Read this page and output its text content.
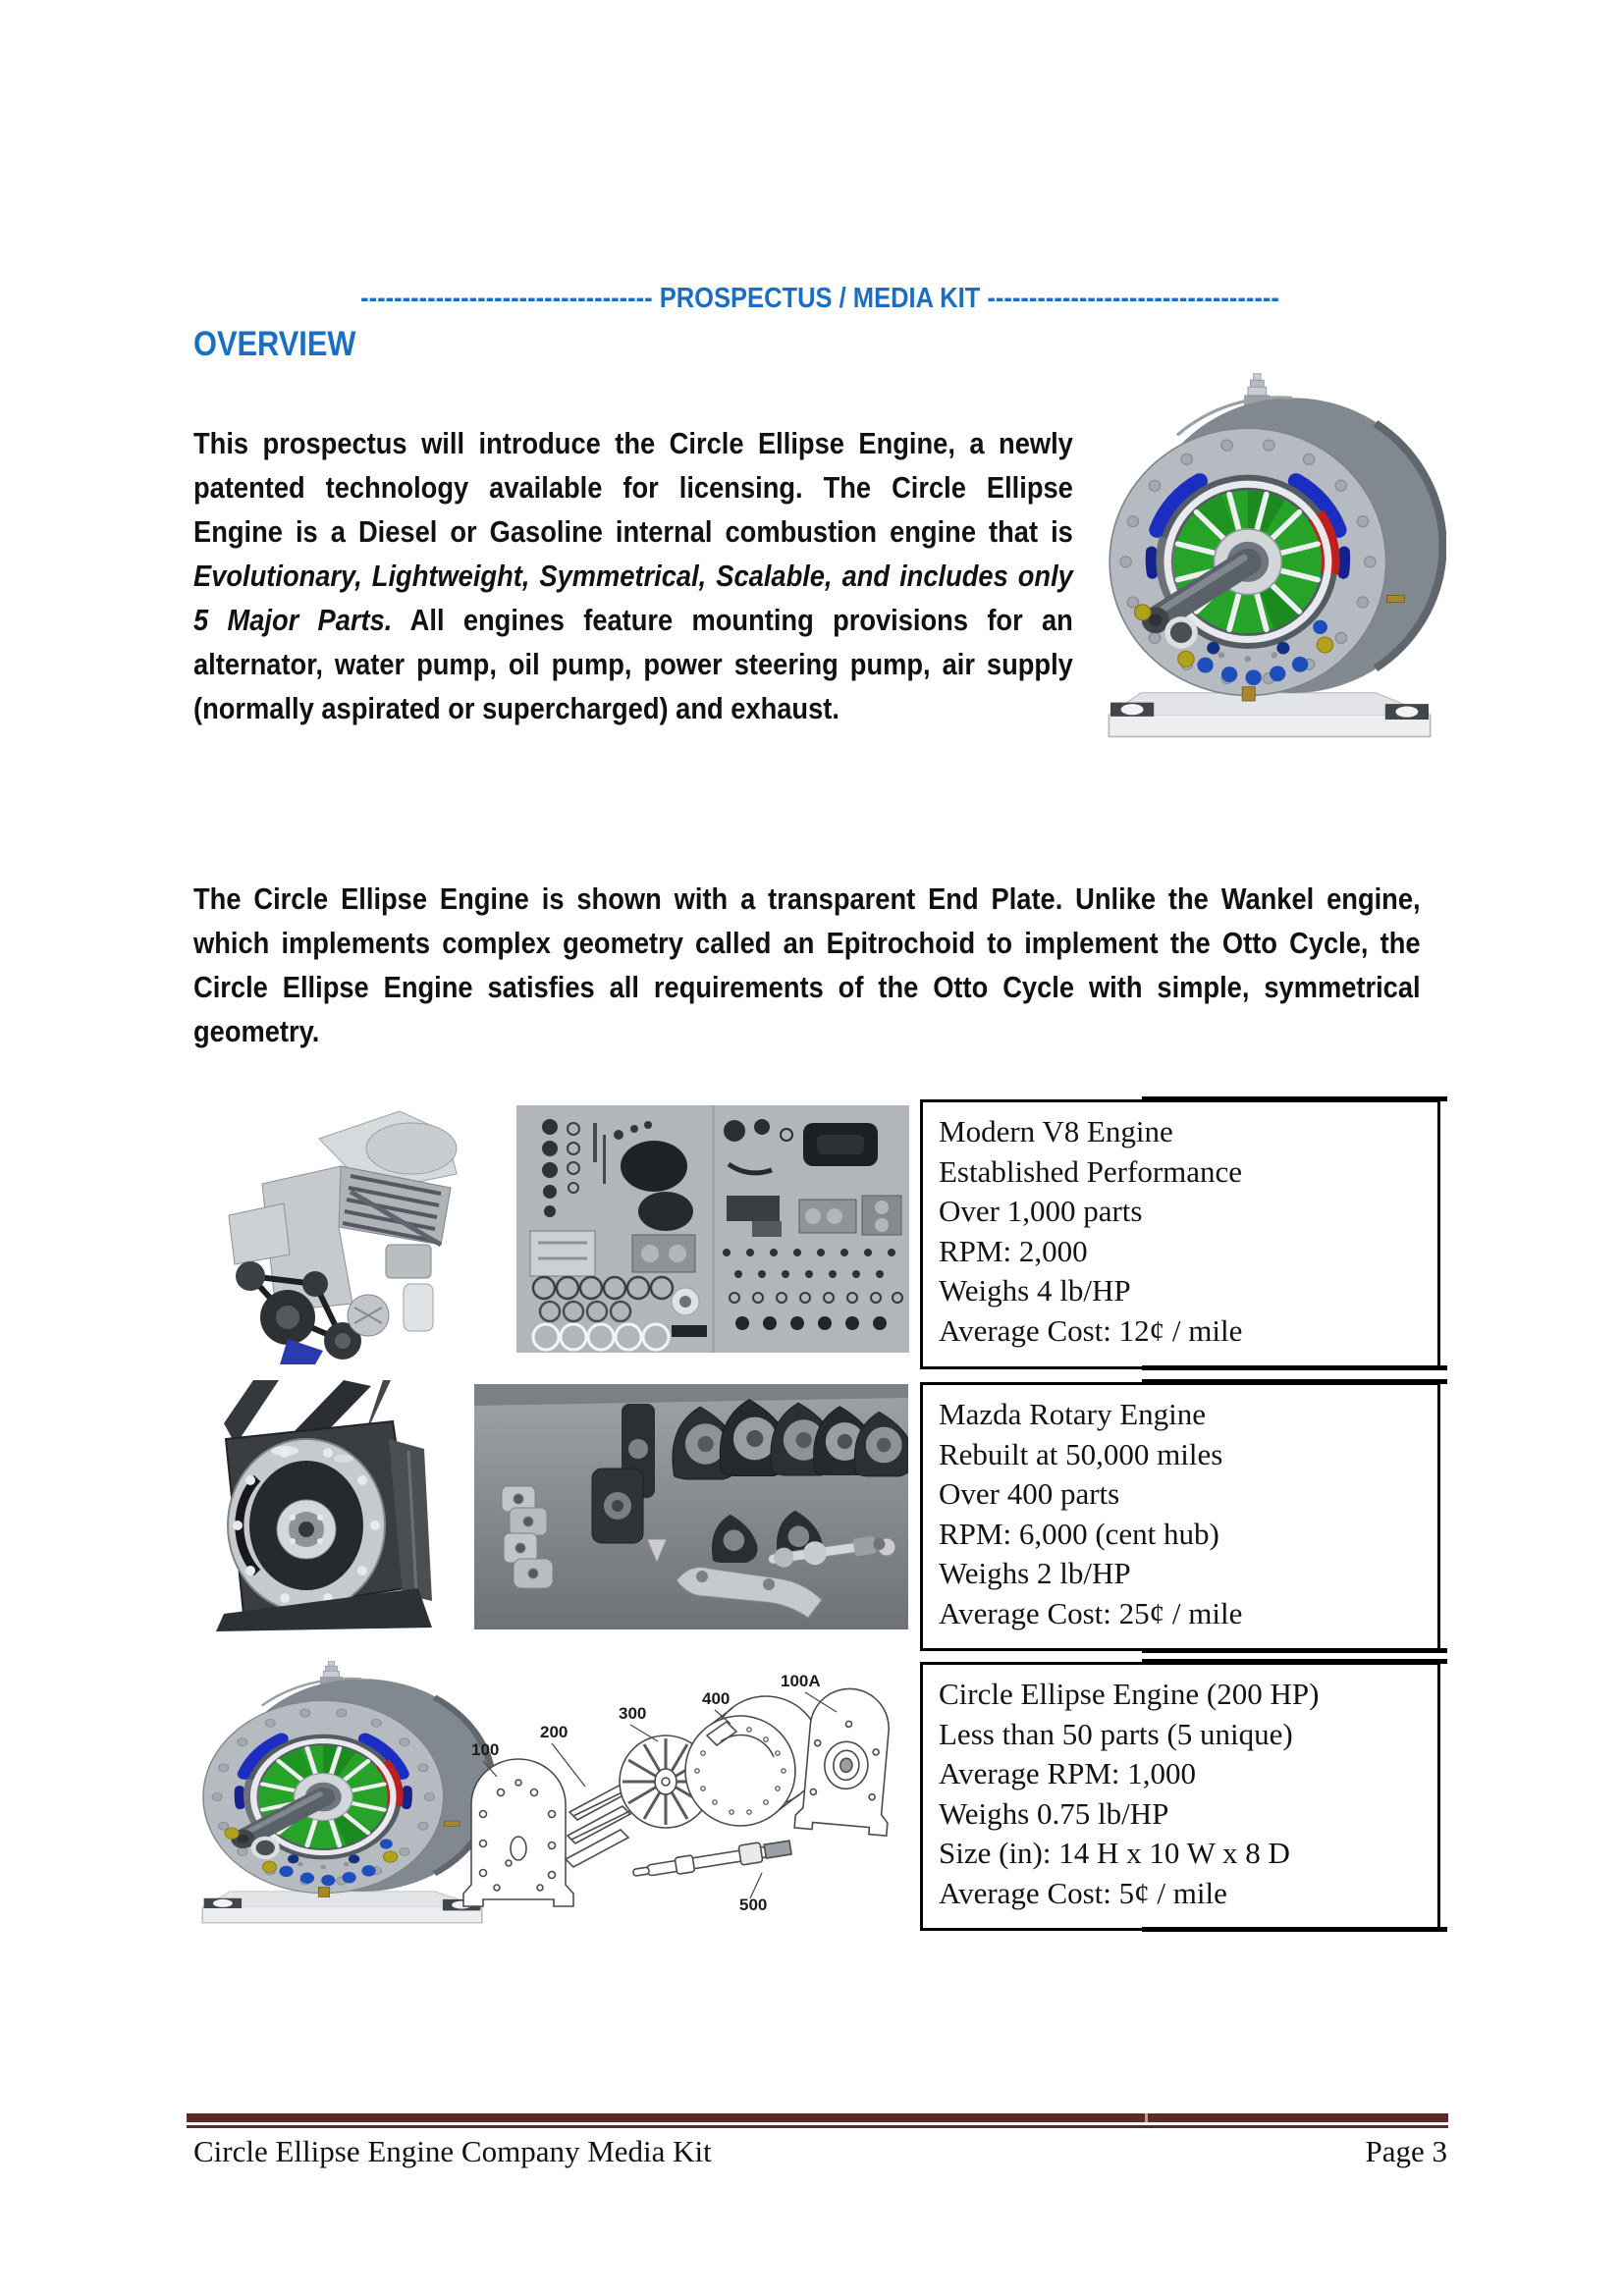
----------------------------------- PROSPECTUS / MEDIA KIT -----------------------------------
OVERVIEW
This prospectus will introduce the Circle Ellipse Engine, a newly patented technology available for licensing. The Circle Ellipse Engine is a Diesel or Gasoline internal combustion engine that is Evolutionary, Lightweight, Symmetrical, Scalable, and includes only 5 Major Parts. All engines feature mounting provisions for an alternator, water pump, oil pump, power steering pump, air supply (normally aspirated or supercharged) and exhaust.
The Circle Ellipse Engine is shown with a transparent End Plate. Unlike the Wankel engine, which implements complex geometry called an Epitrochoid to implement the Otto Cycle, the Circle Ellipse Engine satisfies all requirements of the Otto Cycle with simple, symmetrical geometry.
Modern V8 Engine
Established Performance
Over 1,000 parts
RPM: 2,000
Weighs 4 lb/HP
Average Cost: 12¢ / mile
Mazda Rotary Engine
Rebuilt at 50,000 miles
Over 400 parts
RPM: 6,000 (cent hub)
Weighs 2 lb/HP
Average Cost: 25¢ / mile
100
200
300
400
100A
500
Circle Ellipse Engine (200 HP)
Less than 50 parts (5 unique)
Average RPM: 1,000
Weighs 0.75 lb/HP
Size (in): 14 H x 10 W x 8 D
Average Cost: 5¢ / mile
Circle Ellipse Engine Company Media Kit	Page 3
